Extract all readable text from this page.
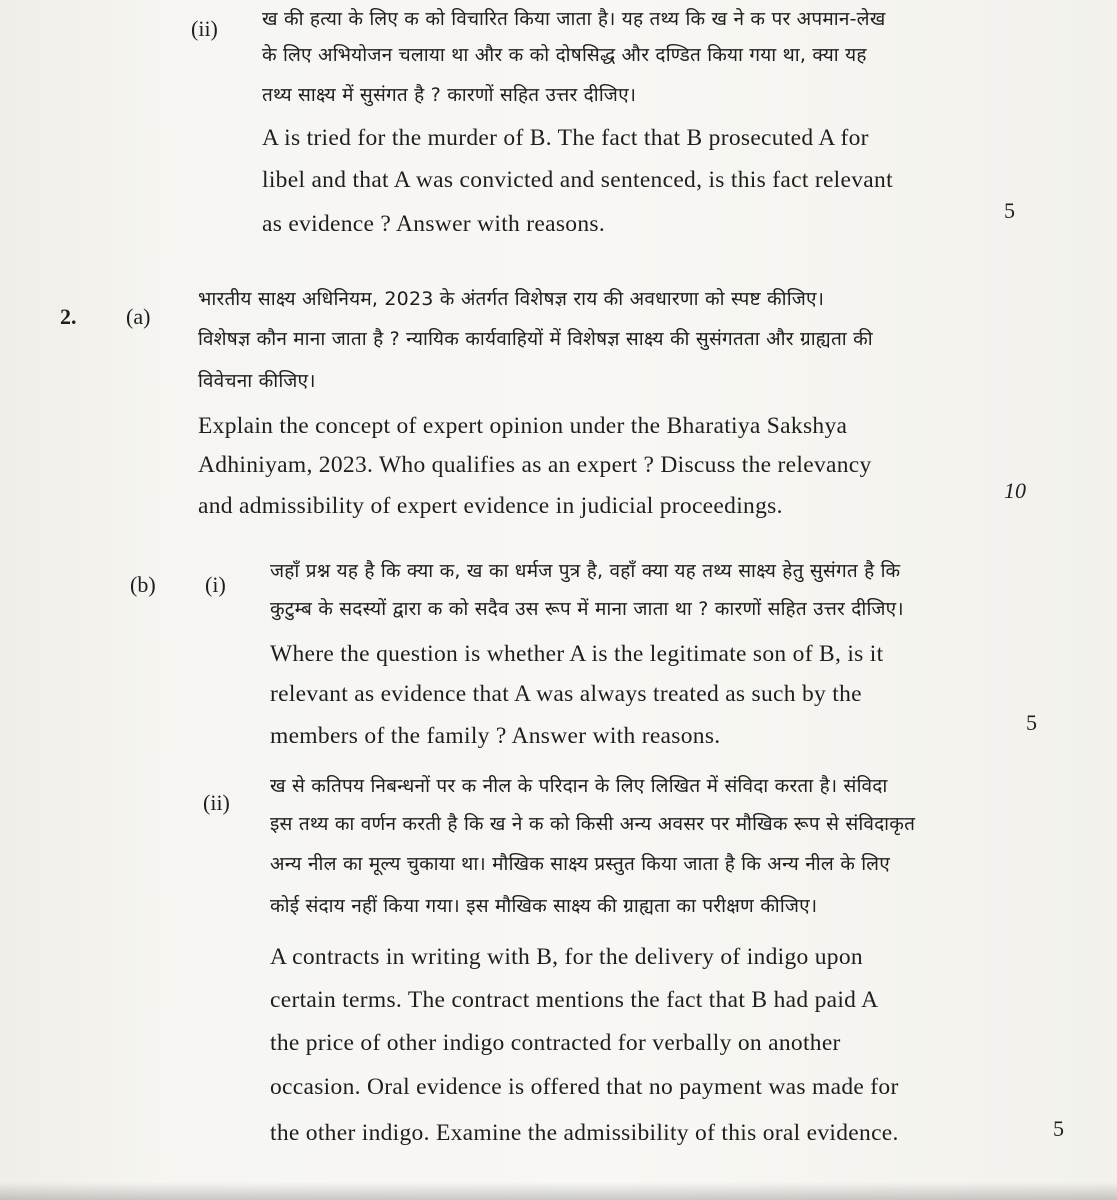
(ii) ख की हत्या के लिए क को विचारित किया जाता है। यह तथ्य कि ख ने क पर अपमान-लेख
के लिए अभियोजन चलाया था और क को दोषसिद्ध और दण्डित किया गया था, क्या यह
तथ्य साक्ष्य में सुसंगत है ? कारणों सहित उत्तर दीजिए।
A is tried for the murder of B. The fact that B prosecuted A for
libel and that A was convicted and sentenced, is this fact relevant
as evidence ? Answer with reasons.
5
2. (a)
भारतीय साक्ष्य अधिनियम, 2023 के अंतर्गत विशेषज्ञ राय की अवधारणा को स्पष्ट कीजिए।
विशेषज्ञ कौन माना जाता है ? न्यायिक कार्यवाहियों में विशेषज्ञ साक्ष्य की सुसंगतता और ग्राह्यता की
विवेचना कीजिए।
Explain the concept of expert opinion under the Bharatiya Sakshya
Adhiniyam, 2023. Who qualifies as an expert ? Discuss the relevancy
and admissibility of expert evidence in judicial proceedings.
10
(b) (i)
जहाँ प्रश्न यह है कि क्या क, ख का धर्मज पुत्र है, वहाँ क्या यह तथ्य साक्ष्य हेतु सुसंगत है कि
कुटुम्ब के सदस्यों द्वारा क को सदैव उस रूप में माना जाता था ? कारणों सहित उत्तर दीजिए।
Where the question is whether A is the legitimate son of B, is it
relevant as evidence that A was always treated as such by the
members of the family ? Answer with reasons.
5
(ii)
ख से कतिपय निबन्धनों पर क नील के परिदान के लिए लिखित में संविदा करता है। संविदा
इस तथ्य का वर्णन करती है कि ख ने क को किसी अन्य अवसर पर मौखिक रूप से संविदाकृत
अन्य नील का मूल्य चुकाया था। मौखिक साक्ष्य प्रस्तुत किया जाता है कि अन्य नील के लिए
कोई संदाय नहीं किया गया। इस मौखिक साक्ष्य की ग्राह्यता का परीक्षण कीजिए।
A contracts in writing with B, for the delivery of indigo upon
certain terms. The contract mentions the fact that B had paid A
the price of other indigo contracted for verbally on another
occasion. Oral evidence is offered that no payment was made for
the other indigo. Examine the admissibility of this oral evidence.	5
